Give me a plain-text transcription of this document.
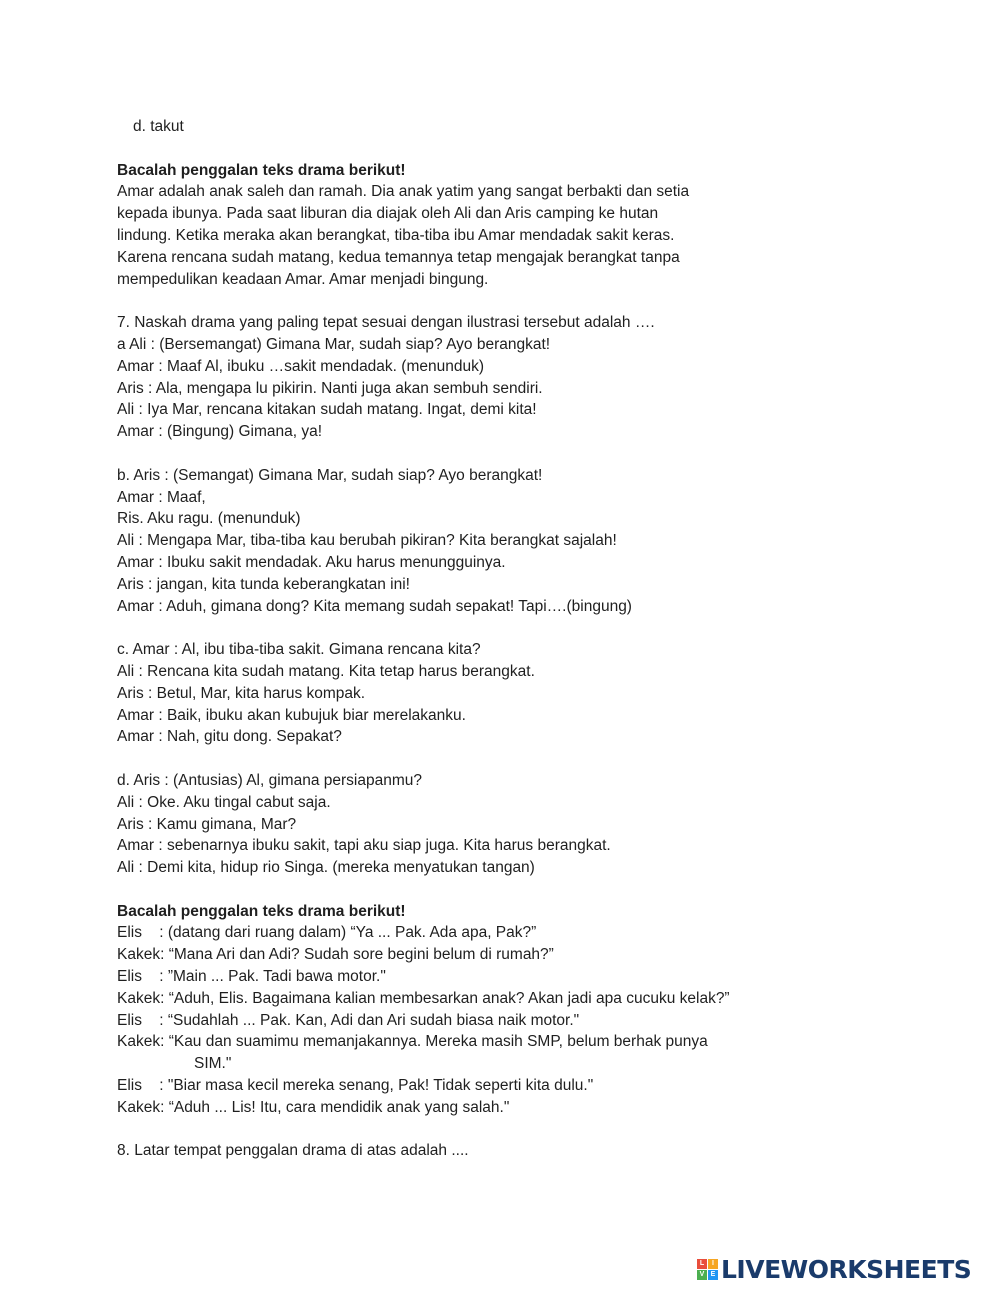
d. takut
Bacalah penggalan teks drama berikut!
Amar adalah anak saleh dan ramah. Dia anak yatim yang sangat berbakti dan setia
kepada ibunya. Pada saat liburan dia diajak oleh Ali dan Aris camping ke hutan
lindung. Ketika meraka akan berangkat, tiba-tiba ibu Amar mendadak sakit keras.
Karena rencana sudah matang, kedua temannya tetap mengajak berangkat tanpa
mempedulikan keadaan Amar. Amar menjadi bingung.
7. Naskah drama yang paling tepat sesuai dengan ilustrasi tersebut adalah ….
a Ali : (Bersemangat) Gimana Mar, sudah siap? Ayo berangkat!
Amar : Maaf Al, ibuku …sakit mendadak. (menunduk)
Aris : Ala, mengapa lu pikirin. Nanti juga akan sembuh sendiri.
Ali : Iya Mar, rencana kitakan sudah matang. Ingat, demi kita!
Amar : (Bingung) Gimana, ya!
b. Aris : (Semangat) Gimana Mar, sudah siap? Ayo berangkat!
Amar : Maaf,
Ris. Aku ragu. (menunduk)
Ali : Mengapa Mar, tiba-tiba kau berubah pikiran? Kita berangkat sajalah!
Amar : Ibuku sakit mendadak. Aku harus menungguinya.
Aris : jangan, kita tunda keberangkatan ini!
Amar : Aduh, gimana dong? Kita memang sudah sepakat! Tapi….(bingung)
c. Amar : Al, ibu tiba-tiba sakit. Gimana rencana kita?
Ali : Rencana kita sudah matang. Kita tetap harus berangkat.
Aris : Betul, Mar, kita harus kompak.
Amar : Baik, ibuku akan kubujuk biar merelakanku.
Amar : Nah, gitu dong. Sepakat?
d. Aris : (Antusias) Al, gimana persiapanmu?
Ali : Oke. Aku tingal cabut saja.
Aris : Kamu gimana, Mar?
Amar : sebenarnya ibuku sakit, tapi aku siap juga. Kita harus berangkat.
Ali : Demi kita, hidup rio Singa. (mereka menyatukan tangan)
Bacalah penggalan teks drama berikut!
Elis    : (datang dari ruang dalam) “Ya ... Pak. Ada apa, Pak?”
Kakek: “Mana Ari dan Adi? Sudah sore begini belum di rumah?”
Elis    : ”Main ... Pak. Tadi bawa motor."
Kakek: “Aduh, Elis. Bagaimana kalian membesarkan anak? Akan jadi apa cucuku kelak?”
Elis    : “Sudahlah ... Pak. Kan, Adi dan Ari sudah biasa naik motor."
Kakek: “Kau dan suamimu memanjakannya. Mereka masih SMP, belum berhak punya
SIM."
Elis    : "Biar masa kecil mereka senang, Pak! Tidak seperti kita dulu."
Kakek: “Aduh ... Lis! Itu, cara mendidik anak yang salah."
8. Latar tempat penggalan drama di atas adalah ....
L	I
V E LIVEWORKSHEETS
